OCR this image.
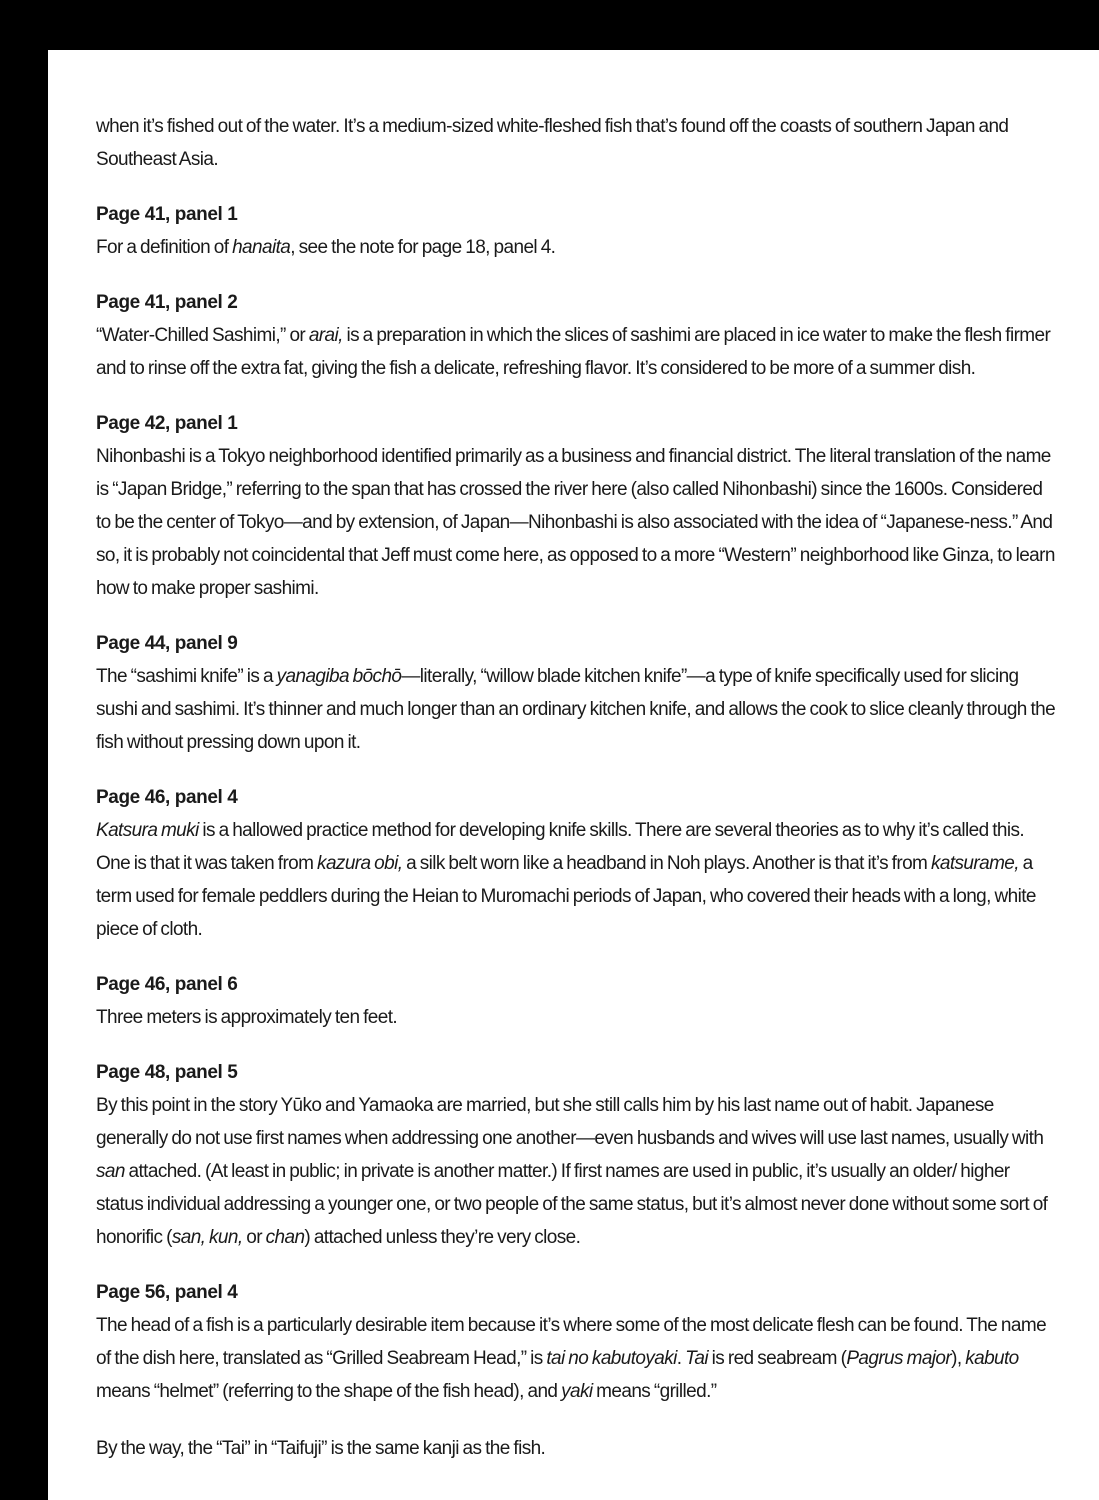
when it’s fished out of the water. It’s a medium-sized white-fleshed fish that’s found off the coasts of southern Japan and Southeast Asia.

Page 41, panel 1

For a definition of hanaita, see the note for page 18, panel 4.

Page 41, panel 2

“Water-Chilled Sashimi,” or arai, is a preparation in which the slices of sashimi are placed in ice water to make the flesh firmer and to rinse off the extra fat, giving the fish a delicate, refreshing flavor. It’s considered to be more of a summer dish.

Page 42, panel 1

Nihonbashi is a Tokyo neighborhood identified primarily as a business and financial district. The literal translation of the name is “Japan Bridge,” referring to the span that has crossed the river here (also called Nihonbashi) since the 1600s. Considered to be the center of Tokyo—and by extension, of Japan—Nihonbashi is also associated with the idea of “Japanese-ness.” And so, it is probably not coincidental that Jeff must come here, as opposed to a more “Western” neighborhood like Ginza, to learn how to make proper sashimi.

Page 44, panel 9

The “sashimi knife” is a yanagiba bōchō—literally, “willow blade kitchen knife”—a type of knife specifically used for slicing sushi and sashimi. It’s thinner and much longer than an ordinary kitchen knife, and allows the cook to slice cleanly through the fish without pressing down upon it.

Page 46, panel 4

Katsura muki is a hallowed practice method for developing knife skills. There are several theories as to why it’s called this. One is that it was taken from kazura obi, a silk belt worn like a headband in Noh plays. Another is that it’s from katsurame, a term used for female peddlers during the Heian to Muromachi periods of Japan, who covered their heads with a long, white piece of cloth.

Page 46, panel 6

Three meters is approximately ten feet.

Page 48, panel 5

By this point in the story Yūko and Yamaoka are married, but she still calls him by his last name out of habit. Japanese generally do not use first names when addressing one another—even husbands and wives will use last names, usually with san attached. (At least in public; in private is another matter.) If first names are used in public, it’s usually an older/ higher status individual addressing a younger one, or two people of the same status, but it’s almost never done without some sort of honorific (san, kun, or chan) attached unless they’re very close.

Page 56, panel 4

The head of a fish is a particularly desirable item because it’s where some of the most delicate flesh can be found. The name of the dish here, translated as “Grilled Seabream Head,” is tai no kabutoyaki. Tai is red seabream (Pagrus major), kabuto means “helmet” (referring to the shape of the fish head), and yaki means “grilled.”

By the way, the “Tai” in “Taifuji” is the same kanji as the fish.
